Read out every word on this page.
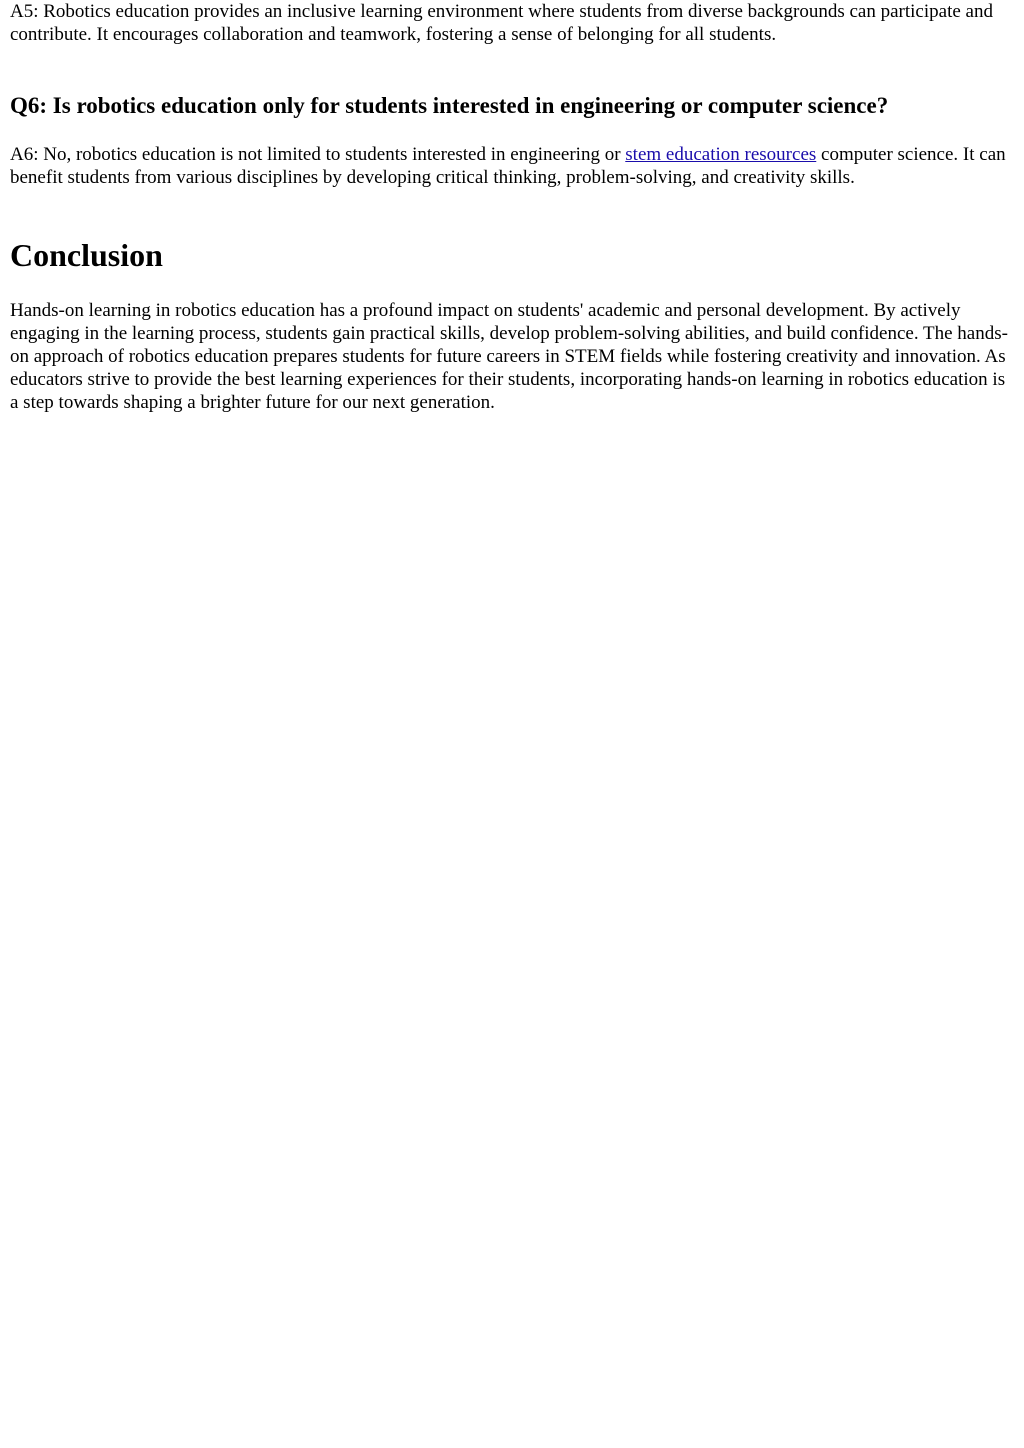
A5: Robotics education provides an inclusive learning environment where students from diverse backgrounds can participate and contribute. It encourages collaboration and teamwork, fostering a sense of belonging for all students.

Q6: Is robotics education only for students interested in engineering or computer science?

A6: No, robotics education is not limited to students interested in engineering or stem education resources computer science. It can benefit students from various disciplines by developing critical thinking, problem-solving, and creativity skills.

Conclusion

Hands-on learning in robotics education has a profound impact on students' academic and personal development. By actively engaging in the learning process, students gain practical skills, develop problem-solving abilities, and build confidence. The hands-on approach of robotics education prepares students for future careers in STEM fields while fostering creativity and innovation. As educators strive to provide the best learning experiences for their students, incorporating hands-on learning in robotics education is a step towards shaping a brighter future for our next generation.
